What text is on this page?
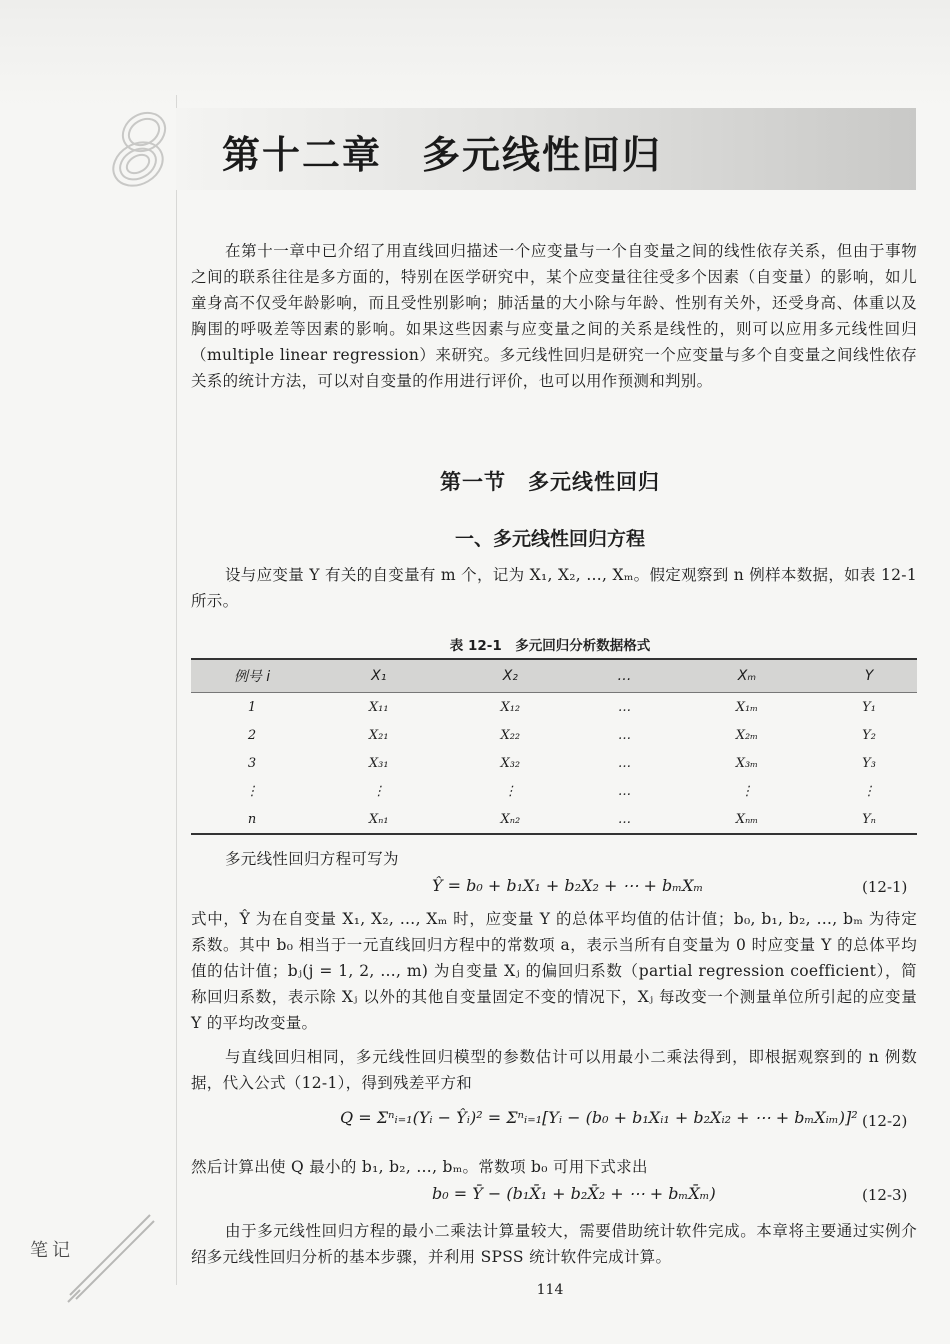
第十二章　多元线性回归

在第十一章中已介绍了用直线回归描述一个应变量与一个自变量之间的线性依存关系，但由于事物之间的联系往往是多方面的，特别在医学研究中，某个应变量往往受多个因素（自变量）的影响，如儿童身高不仅受年龄影响，而且受性别影响；肺活量的大小除与年龄、性别有关外，还受身高、体重以及胸围的呼吸差等因素的影响。如果这些因素与应变量之间的关系是线性的，则可以应用多元线性回归（multiple linear regression）来研究。多元线性回归是研究一个应变量与多个自变量之间线性依存关系的统计方法，可以对自变量的作用进行评价，也可以用作预测和判别。

第一节　多元线性回归
一、多元线性回归方程

设与应变量 Y 有关的自变量有 m 个，记为 X₁, X₂, …, Xₘ。假定观察到 n 例样本数据，如表 12-1 所示。

表 12-1　多元回归分析数据格式
例号 i	X₁	X₂	…	Xₘ	Y
1	X₁₁	X₁₂	…	X₁ₘ	Y₁
2	X₂₁	X₂₂	…	X₂ₘ	Y₂
3	X₃₁	X₃₂	…	X₃ₘ	Y₃
⋮	⋮	⋮	…	⋮	⋮
n	Xₙ₁	Xₙ₂	…	Xₙₘ	Yₙ

多元线性回归方程可写为

Ŷ = b₀ + b₁X₁ + b₂X₂ + ⋯ + bₘXₘ	(12-1)

式中，Ŷ 为在自变量 X₁, X₂, …, Xₘ 时，应变量 Y 的总体平均值的估计值；b₀, b₁, b₂, …, bₘ 为待定系数。其中 b₀ 相当于一元直线回归方程中的常数项 a，表示当所有自变量为 0 时应变量 Y 的总体平均值的估计值；bⱼ(j = 1, 2, …, m) 为自变量 Xⱼ 的偏回归系数（partial regression coefficient），简称回归系数，表示除 Xⱼ 以外的其他自变量固定不变的情况下，Xⱼ 每改变一个测量单位所引起的应变量 Y 的平均改变量。

与直线回归相同，多元线性回归模型的参数估计可以用最小二乘法得到，即根据观察到的 n 例数据，代入公式（12-1），得到残差平方和

Q = Σⁿᵢ₌₁(Yᵢ − Ŷᵢ)² = Σⁿᵢ₌₁[Yᵢ − (b₀ + b₁Xᵢ₁ + b₂Xᵢ₂ + ⋯ + bₘXᵢₘ)]² (12-2)

然后计算出使 Q 最小的 b₁, b₂, …, bₘ。常数项 b₀ 可用下式求出

b₀ = Ȳ − (b₁X̄₁ + b₂X̄₂ + ⋯ + bₘX̄ₘ)	(12-3)

由于多元线性回归方程的最小二乘法计算量较大，需要借助统计软件完成。本章将主要通过实例介绍多元线性回归分析的基本步骤，并利用 SPSS 统计软件完成计算。

笔记
114
